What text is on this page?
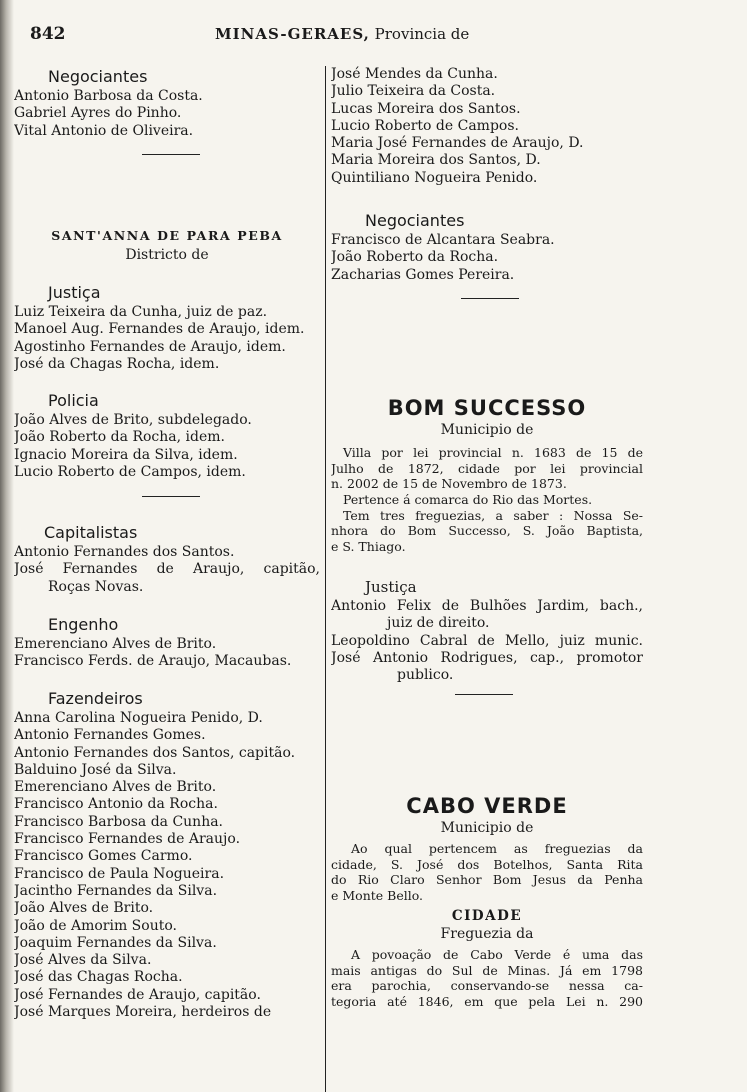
842	MINAS-GERAES, Provincia de
Negociantes
Antonio Barbosa da Costa.
Gabriel Ayres do Pinho.
Vital Antonio de Oliveira.
SANT'ANNA DE PARA PEBA
Districto de
Justiça
Luiz Teixeira da Cunha, juiz de paz.
Manoel Aug. Fernandes de Araujo, idem.
Agostinho Fernandes de Araujo, idem.
José da Chagas Rocha, idem.
Policia
João Alves de Brito, subdelegado.
João Roberto da Rocha, idem.
Ignacio Moreira da Silva, idem.
Lucio Roberto de Campos, idem.
Capitalistas
Antonio Fernandes dos Santos.
José Fernandes de Araujo, capitão,
Roças Novas.
Engenho
Emerenciano Alves de Brito.
Francisco Ferds. de Araujo, Macaubas.
Fazendeiros
Anna Carolina Nogueira Penido, D.
Antonio Fernandes Gomes.
Antonio Fernandes dos Santos, capitão.
Balduino José da Silva.
Emerenciano Alves de Brito.
Francisco Antonio da Rocha.
Francisco Barbosa da Cunha.
Francisco Fernandes de Araujo.
Francisco Gomes Carmo.
Francisco de Paula Nogueira.
Jacintho Fernandes da Silva.
João Alves de Brito.
João de Amorim Souto.
Joaquim Fernandes da Silva.
José Alves da Silva.
José das Chagas Rocha.
José Fernandes de Araujo, capitão.
José Marques Moreira, herdeiros de
José Mendes da Cunha.
Julio Teixeira da Costa.
Lucas Moreira dos Santos.
Lucio Roberto de Campos.
Maria José Fernandes de Araujo, D.
Maria Moreira dos Santos, D.
Quintiliano Nogueira Penido.
Negociantes
Francisco de Alcantara Seabra.
João Roberto da Rocha.
Zacharias Gomes Pereira.
BOM SUCCESSO
Municipio de
Villa por lei provincial n. 1683 de 15 de
Julho de 1872, cidade por lei provincial
n. 2002 de 15 de Novembro de 1873.
Pertence á comarca do Rio das Mortes.
Tem tres freguezias, a saber : Nossa Se-
nhora do Bom Successo, S. João Baptista,
e S. Thiago.
Justiça
Antonio Felix de Bulhões Jardim, bach.,
juiz de direito.
Leopoldino Cabral de Mello, juiz munic.
José Antonio Rodrigues, cap., promotor
publico.
CABO VERDE
Municipio de
Ao qual pertencem as freguezias da
cidade, S. José dos Botelhos, Santa Rita
do Rio Claro Senhor Bom Jesus da Penha
e Monte Bello.
CIDADE
Freguezia da
A povoação de Cabo Verde é uma das
mais antigas do Sul de Minas. Já em 1798
era parochia, conservando-se nessa ca-
tegoria até 1846, em que pela Lei n. 290
